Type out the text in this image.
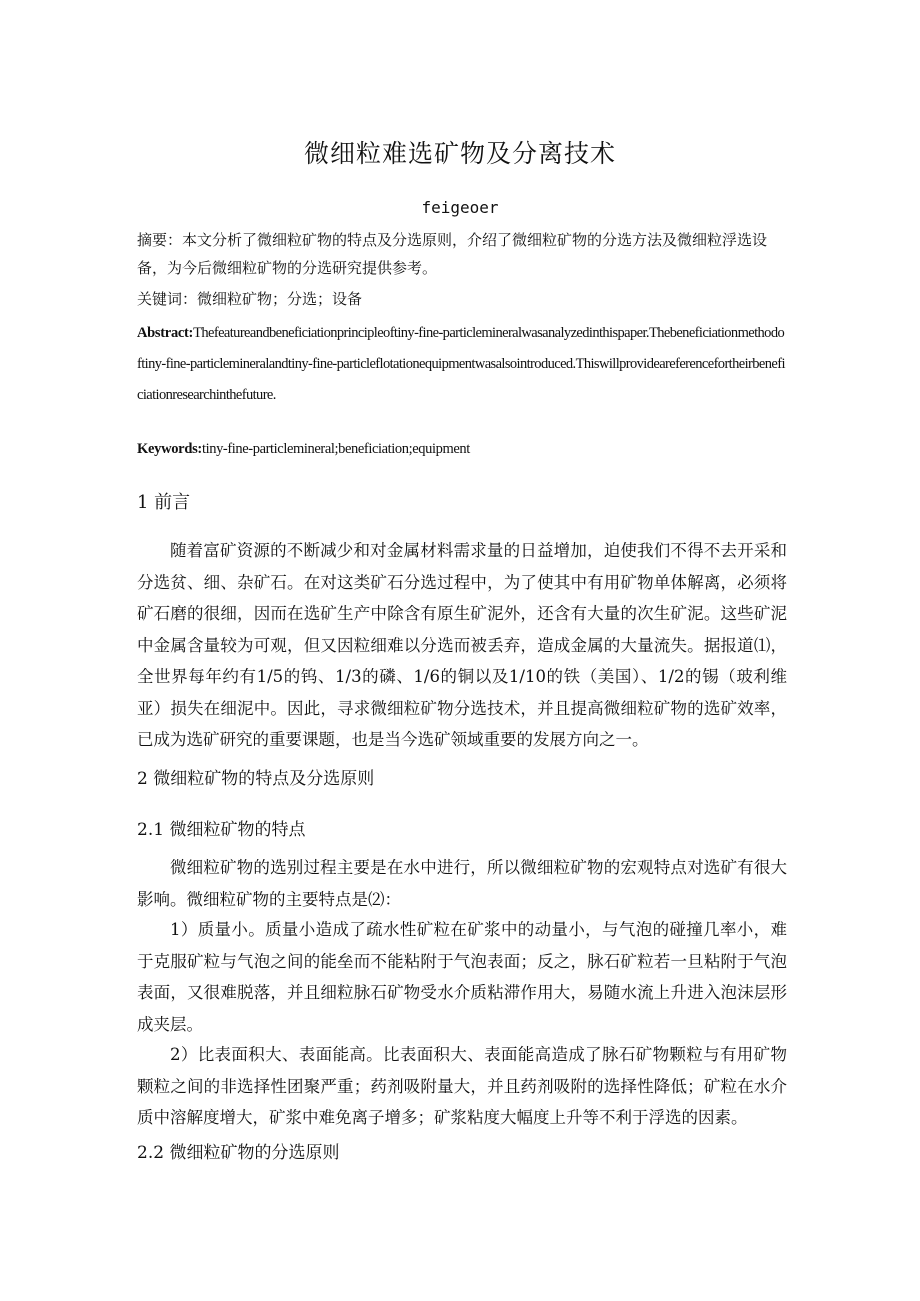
微细粒难选矿物及分离技术
feigeoer
摘要：本文分析了微细粒矿物的特点及分选原则，介绍了微细粒矿物的分选方法及微细粒浮选设备，为今后微细粒矿物的分选研究提供参考。
关键词：微细粒矿物；分选；设备
Abstract:Thefeatureandbeneficiationprincipleoftiny-fine-particlemineralwasanalyzedinthispaper.Thebeneficiationmethodoftiny-fine-particlemineralandtiny-fine-particleflotationequipmentwasalsointroduced.Thiswillprovideareferencefortheirbeneficiationresearchinthefuture.
Keywords:tiny-fine-particlemineral;beneficiation;equipment
1 前言
随着富矿资源的不断减少和对金属材料需求量的日益增加，迫使我们不得不去开采和分选贫、细、杂矿石。在对这类矿石分选过程中，为了使其中有用矿物单体解离，必须将矿石磨的很细，因而在选矿生产中除含有原生矿泥外，还含有大量的次生矿泥。这些矿泥中金属含量较为可观，但又因粒细难以分选而被丢弃，造成金属的大量流失。据报道⑴，全世界每年约有1/5的钨、1/3的磷、1/6的铜以及1/10的铁（美国）、1/2的锡（玻利维亚）损失在细泥中。因此，寻求微细粒矿物分选技术，并且提高微细粒矿物的选矿效率，已成为选矿研究的重要课题，也是当今选矿领域重要的发展方向之一。
2 微细粒矿物的特点及分选原则
2.1 微细粒矿物的特点
微细粒矿物的选别过程主要是在水中进行，所以微细粒矿物的宏观特点对选矿有很大影响。微细粒矿物的主要特点是⑵：
1）质量小。质量小造成了疏水性矿粒在矿浆中的动量小，与气泡的碰撞几率小，难于克服矿粒与气泡之间的能垒而不能粘附于气泡表面；反之，脉石矿粒若一旦粘附于气泡表面，又很难脱落，并且细粒脉石矿物受水介质粘滞作用大，易随水流上升进入泡沫层形成夹层。
2）比表面积大、表面能高。比表面积大、表面能高造成了脉石矿物颗粒与有用矿物颗粒之间的非选择性团聚严重；药剂吸附量大，并且药剂吸附的选择性降低；矿粒在水介质中溶解度增大，矿浆中难免离子增多；矿浆粘度大幅度上升等不利于浮选的因素。
2.2 微细粒矿物的分选原则
